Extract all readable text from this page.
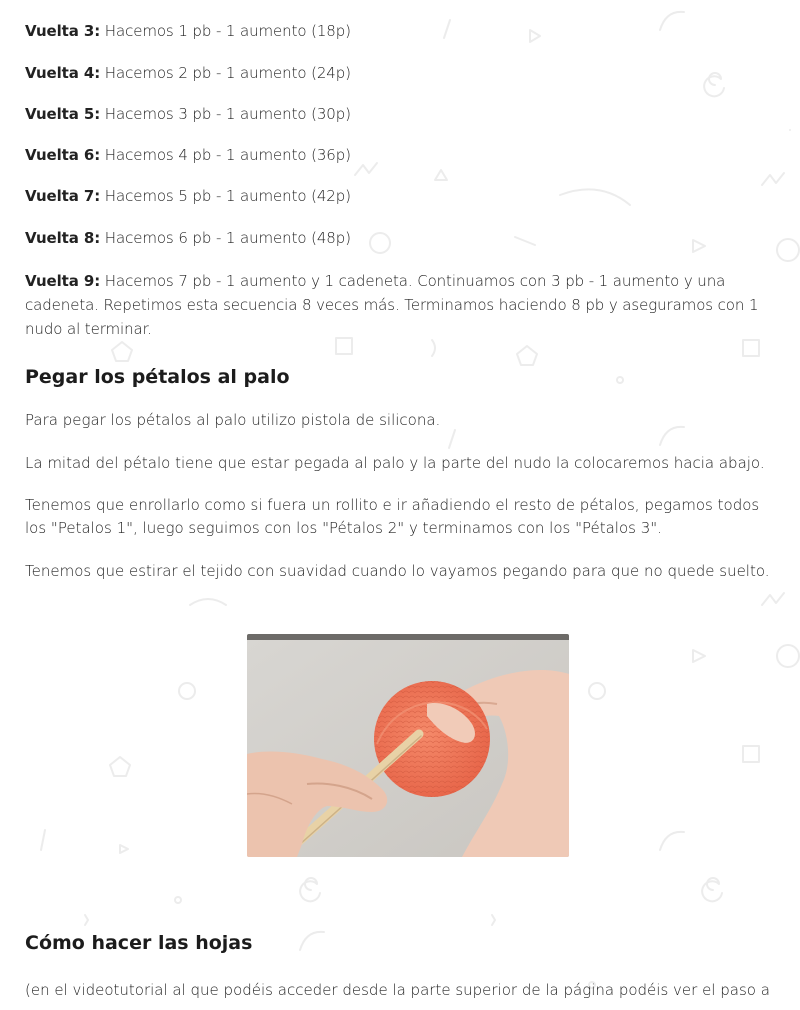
Vuelta 3: Hacemos 1 pb - 1 aumento (18p)

Vuelta 4: Hacemos 2 pb - 1 aumento (24p)

Vuelta 5: Hacemos 3 pb - 1 aumento (30p)

Vuelta 6: Hacemos 4 pb - 1 aumento (36p)

Vuelta 7: Hacemos 5 pb - 1 aumento (42p)

Vuelta 8: Hacemos 6 pb - 1 aumento (48p)

Vuelta 9: Hacemos 7 pb - 1 aumento y 1 cadeneta. Continuamos con 3 pb - 1 aumento y una cadeneta. Repetimos esta secuencia 8 veces más. Terminamos haciendo 8 pb y aseguramos con 1 nudo al terminar.

Pegar los pétalos al palo

Para pegar los pétalos al palo utilizo pistola de silicona.

La mitad del pétalo tiene que estar pegada al palo y la parte del nudo la colocaremos hacia abajo.

Tenemos que enrollarlo como si fuera un rollito e ir añadiendo el resto de pétalos, pegamos todos los "Petalos 1", luego seguimos con los "Pétalos 2" y terminamos con los "Pétalos 3".

Tenemos que estirar el tejido con suavidad cuando lo vayamos pegando para que no quede suelto.

Cómo hacer las hojas

(en el videotutorial al que podéis acceder desde la parte superior de la página podéis ver el paso a
